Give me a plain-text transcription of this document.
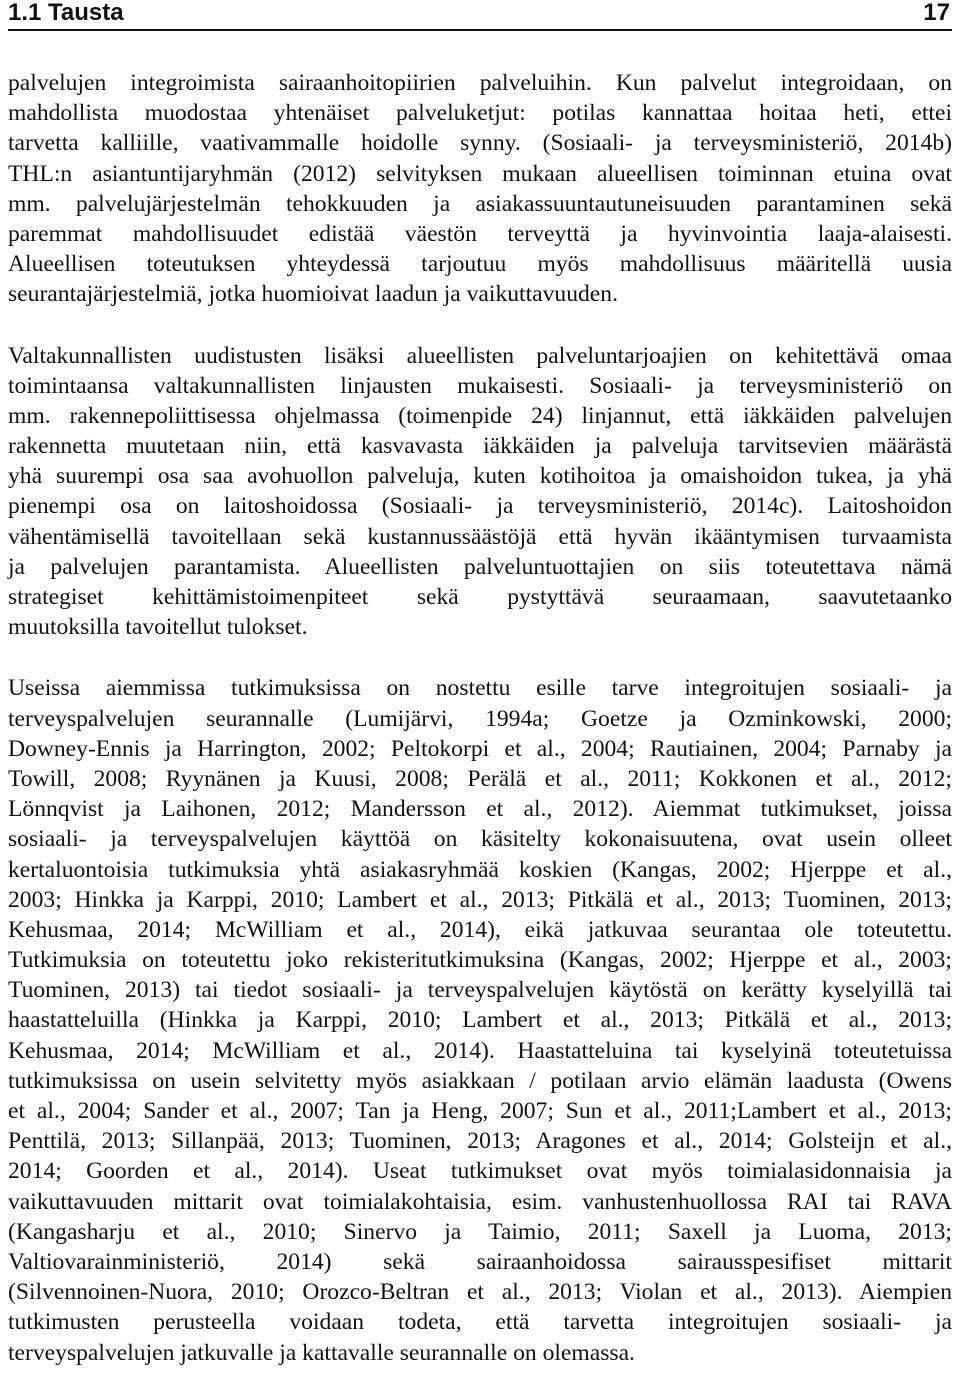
1.1 Tausta	17
palvelujen integroimista sairaanhoitopiirien palveluihin. Kun palvelut integroidaan, on
mahdollista muodostaa yhtenäiset palveluketjut: potilas kannattaa hoitaa heti, ettei
tarvetta kalliille, vaativammalle hoidolle synny. (Sosiaali- ja terveysministeriö, 2014b)
THL:n asiantuntijaryhmän (2012) selvityksen mukaan alueellisen toiminnan etuina ovat
mm. palvelujärjestelmän tehokkuuden ja asiakassuuntautuneisuuden parantaminen sekä
paremmat mahdollisuudet edistää väestön terveyttä ja hyvinvointia laaja-alaisesti.
Alueellisen toteutuksen yhteydessä tarjoutuu myös mahdollisuus määritellä uusia
seurantajärjestelmiä, jotka huomioivat laadun ja vaikuttavuuden.
Valtakunnallisten uudistusten lisäksi alueellisten palveluntarjoajien on kehitettävä omaa
toimintaansa valtakunnallisten linjausten mukaisesti. Sosiaali- ja terveysministeriö on
mm. rakennepoliittisessa ohjelmassa (toimenpide 24) linjannut, että iäkkäiden palvelujen
rakennetta muutetaan niin, että kasvavasta iäkkäiden ja palveluja tarvitsevien määrästä
yhä suurempi osa saa avohuollon palveluja, kuten kotihoitoa ja omaishoidon tukea, ja yhä
pienempi osa on laitoshoidossa (Sosiaali- ja terveysministeriö, 2014c). Laitoshoidon
vähentämisellä tavoitellaan sekä kustannussäästöjä että hyvän ikääntymisen turvaamista
ja palvelujen parantamista. Alueellisten palveluntuottajien on siis toteutettava nämä
strategiset kehittämistoimenpiteet sekä pystyttävä seuraamaan, saavutetaanko
muutoksilla tavoitellut tulokset.
Useissa aiemmissa tutkimuksissa on nostettu esille tarve integroitujen sosiaali- ja
terveyspalvelujen seurannalle (Lumijärvi, 1994a; Goetze ja Ozminkowski, 2000;
Downey-Ennis ja Harrington, 2002; Peltokorpi et al., 2004; Rautiainen, 2004; Parnaby ja
Towill, 2008; Ryynänen ja Kuusi, 2008; Perälä et al., 2011; Kokkonen et al., 2012;
Lönnqvist ja Laihonen, 2012; Mandersson et al., 2012). Aiemmat tutkimukset, joissa
sosiaali- ja terveyspalvelujen käyttöä on käsitelty kokonaisuutena, ovat usein olleet
kertaluontoisia tutkimuksia yhtä asiakasryhmää koskien (Kangas, 2002; Hjerppe et al.,
2003; Hinkka ja Karppi, 2010; Lambert et al., 2013; Pitkälä et al., 2013; Tuominen, 2013;
Kehusmaa, 2014; McWilliam et al., 2014), eikä jatkuvaa seurantaa ole toteutettu.
Tutkimuksia on toteutettu joko rekisteritutkimuksina (Kangas, 2002; Hjerppe et al., 2003;
Tuominen, 2013) tai tiedot sosiaali- ja terveyspalvelujen käytöstä on kerätty kyselyillä tai
haastatteluilla (Hinkka ja Karppi, 2010; Lambert et al., 2013; Pitkälä et al., 2013;
Kehusmaa, 2014; McWilliam et al., 2014). Haastatteluina tai kyselyinä toteutetuissa
tutkimuksissa on usein selvitetty myös asiakkaan / potilaan arvio elämän laadusta (Owens
et al., 2004; Sander et al., 2007; Tan ja Heng, 2007; Sun et al., 2011;Lambert et al., 2013;
Penttilä, 2013; Sillanpää, 2013; Tuominen, 2013; Aragones et al., 2014; Golsteijn et al.,
2014; Goorden et al., 2014). Useat tutkimukset ovat myös toimialasidonnaisia ja
vaikuttavuuden mittarit ovat toimialakohtaisia, esim. vanhustenhuollossa RAI tai RAVA
(Kangasharju et al., 2010; Sinervo ja Taimio, 2011; Saxell ja Luoma, 2013;
Valtiovarainministeriö, 2014) sekä sairaanhoidossa sairausspesifiset mittarit
(Silvennoinen-Nuora, 2010; Orozco-Beltran et al., 2013; Violan et al., 2013). Aiempien
tutkimusten perusteella voidaan todeta, että tarvetta integroitujen sosiaali- ja
terveyspalvelujen jatkuvalle ja kattavalle seurannalle on olemassa.
